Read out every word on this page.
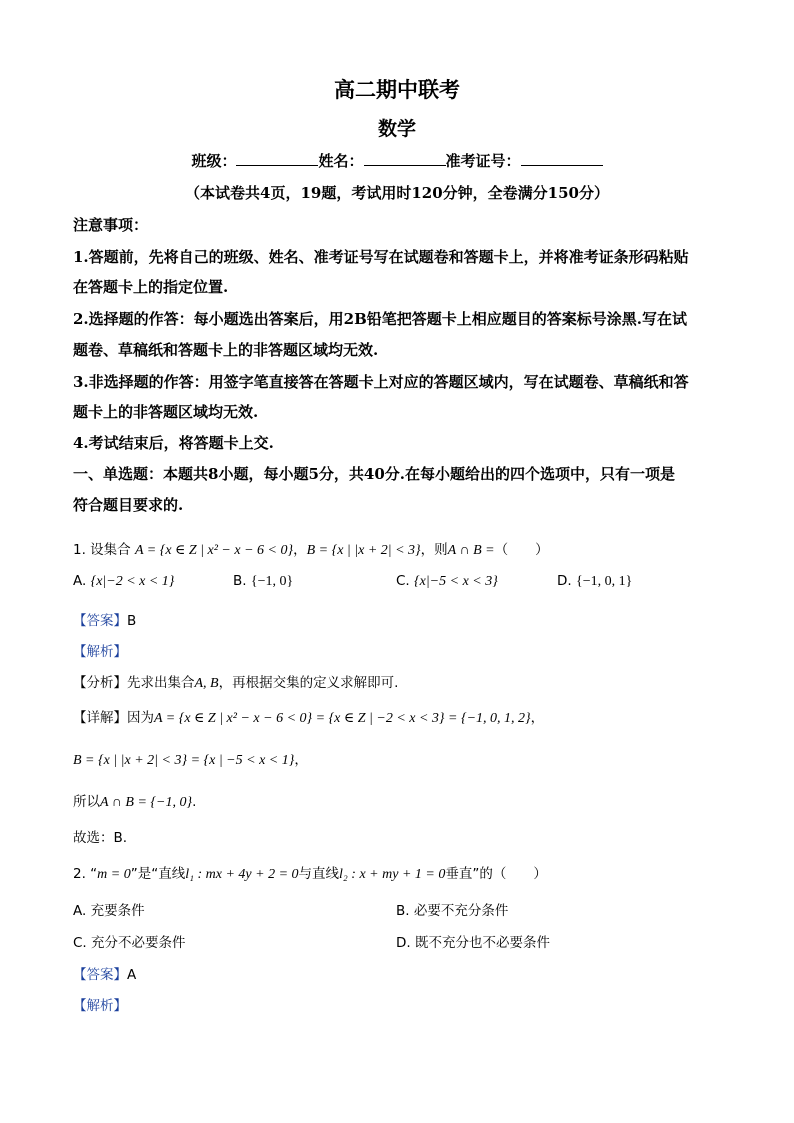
高二期中联考
数学
班级：	姓名：	准考证号：
（本试卷共4页，19题，考试用时120分钟，全卷满分150分）
注意事项：
1.答题前，先将自己的班级、姓名、准考证号写在试题卷和答题卡上，并将准考证条形码粘贴
在答题卡上的指定位置.
2.选择题的作答：每小题选出答案后，用2B铅笔把答题卡上相应题目的答案标号涂黑.写在试
题卷、草稿纸和答题卡上的非答题区域均无效.
3.非选择题的作答：用签字笔直接答在答题卡上对应的答题区域内，写在试题卷、草稿纸和答
题卡上的非答题区域均无效.
4.考试结束后，将答题卡上交.
一、单选题：本题共8小题，每小题5分，共40分.在每小题给出的四个选项中，只有一项是
符合题目要求的.
1. 设集合 A = {x ∈ Z | x² − x − 6 < 0}，B = {x | |x + 2| < 3}，则A ∩ B =（　　）
A. {x|−2 < x < 1}	B. {−1, 0}	C. {x|−5 < x < 3}	D. {−1, 0, 1}
【答案】B
【解析】
【分析】先求出集合A, B，再根据交集的定义求解即可.
【详解】因为A = {x ∈ Z | x² − x − 6 < 0} = {x ∈ Z | −2 < x < 3} = {−1, 0, 1, 2}，
B = {x | |x + 2| < 3} = {x | −5 < x < 1}，
所以A ∩ B = {−1, 0}.
故选：B.
2. “m = 0”是“直线l₁ : mx + 4y + 2 = 0与直线l₂ : x + my + 1 = 0垂直”的（　　）
A. 充要条件	B. 必要不充分条件
C. 充分不必要条件	D. 既不充分也不必要条件
【答案】A
【解析】
